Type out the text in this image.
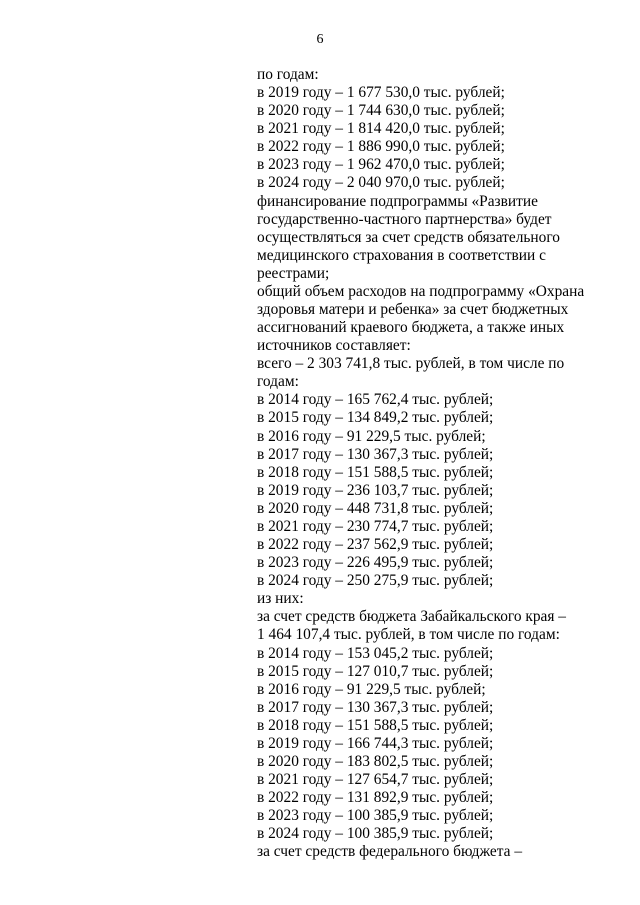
6
по годам:
в 2019 году – 1 677 530,0 тыс. рублей;
в 2020 году – 1 744 630,0 тыс. рублей;
в 2021 году – 1 814 420,0 тыс. рублей;
в 2022 году – 1 886 990,0 тыс. рублей;
в 2023 году – 1 962 470,0 тыс. рублей;
в 2024 году – 2 040 970,0 тыс. рублей;
финансирование подпрограммы «Развитие
государственно-частного партнерства» будет
осуществляться за счет средств обязательного
медицинского страхования в соответствии с
реестрами;
общий объем расходов на подпрограмму «Охрана
здоровья матери и ребенка» за счет бюджетных
ассигнований краевого бюджета, а также иных
источников составляет:
всего – 2 303 741,8 тыс. рублей, в том числе по
годам:
в 2014 году – 165 762,4 тыс. рублей;
в 2015 году – 134 849,2 тыс. рублей;
в 2016 году – 91 229,5 тыс. рублей;
в 2017 году – 130 367,3 тыс. рублей;
в 2018 году – 151 588,5 тыс. рублей;
в 2019 году – 236 103,7 тыс. рублей;
в 2020 году – 448 731,8 тыс. рублей;
в 2021 году – 230 774,7 тыс. рублей;
в 2022 году – 237 562,9 тыс. рублей;
в 2023 году – 226 495,9 тыс. рублей;
в 2024 году – 250 275,9 тыс. рублей;
из них:
за счет средств бюджета Забайкальского края –
1 464 107,4 тыс. рублей, в том числе по годам:
в 2014 году – 153 045,2 тыс. рублей;
в 2015 году – 127 010,7 тыс. рублей;
в 2016 году – 91 229,5 тыс. рублей;
в 2017 году – 130 367,3 тыс. рублей;
в 2018 году – 151 588,5 тыс. рублей;
в 2019 году – 166 744,3 тыс. рублей;
в 2020 году – 183 802,5 тыс. рублей;
в 2021 году – 127 654,7 тыс. рублей;
в 2022 году – 131 892,9 тыс. рублей;
в 2023 году – 100 385,9 тыс. рублей;
в 2024 году – 100 385,9 тыс. рублей;
за счет средств федерального бюджета –
